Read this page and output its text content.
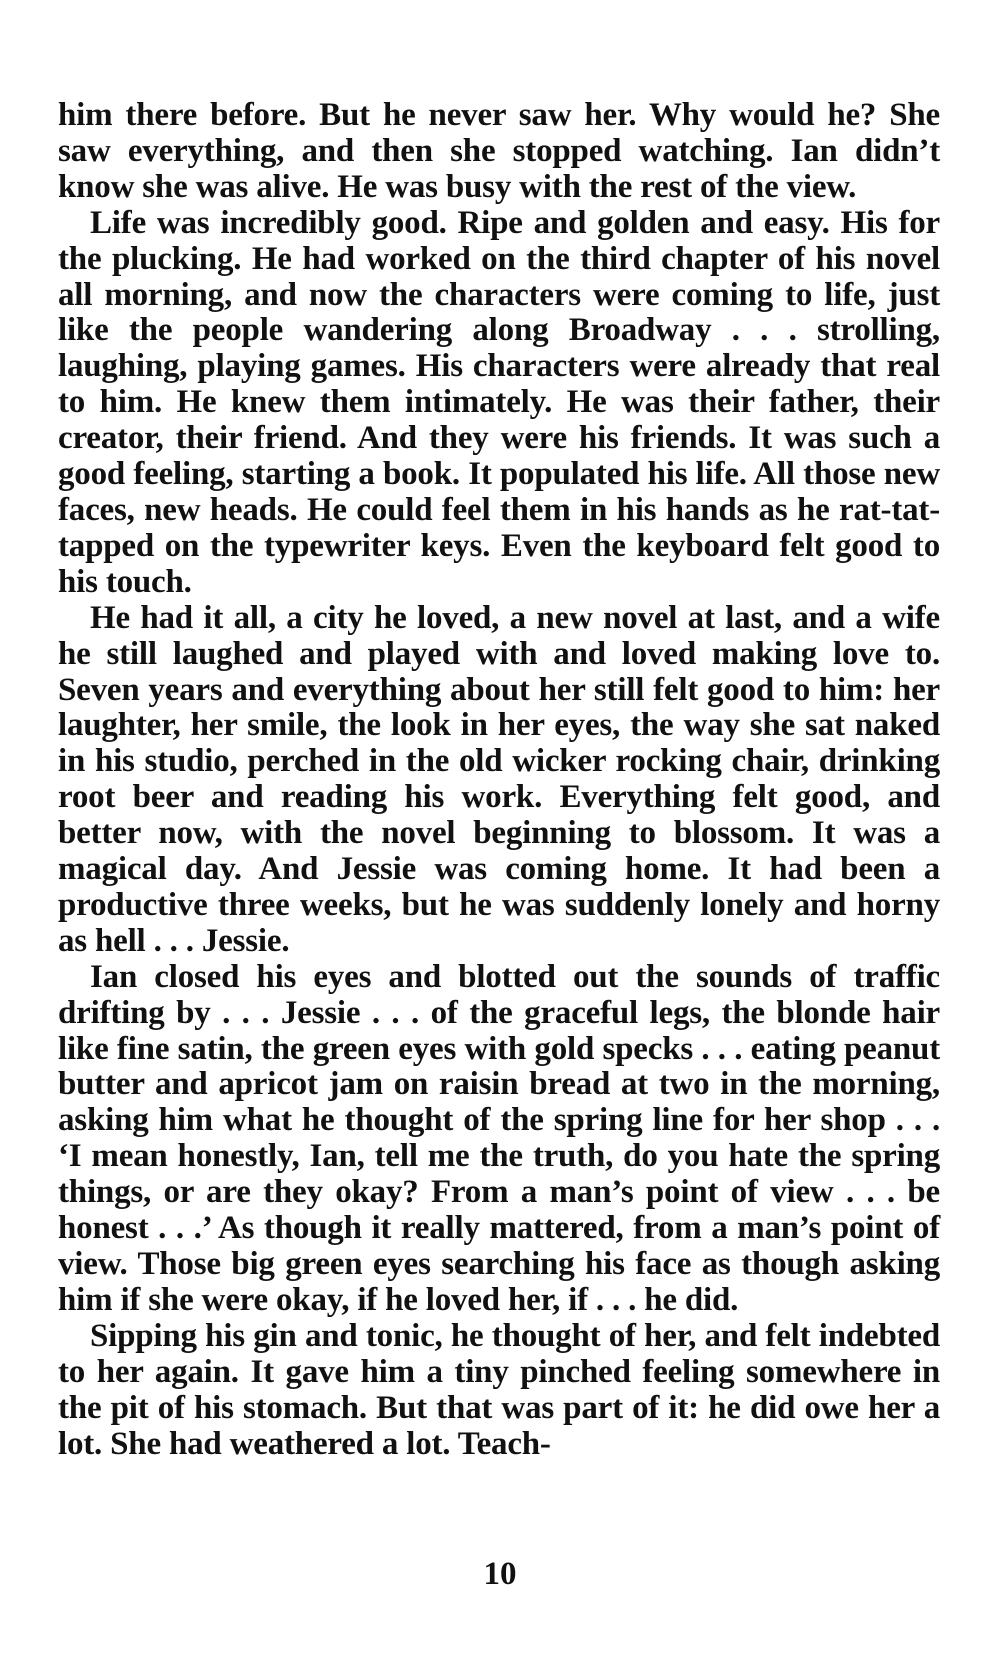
him there before. But he never saw her. Why would he? She saw everything, and then she stopped watching. Ian didn’t know she was alive. He was busy with the rest of the view.

Life was incredibly good. Ripe and golden and easy. His for the plucking. He had worked on the third chapter of his novel all morning, and now the characters were coming to life, just like the people wandering along Broadway . . . strolling, laughing, playing games. His characters were already that real to him. He knew them intimately. He was their father, their creator, their friend. And they were his friends. It was such a good feeling, starting a book. It populated his life. All those new faces, new heads. He could feel them in his hands as he rat-tat-tapped on the typewriter keys. Even the keyboard felt good to his touch.

He had it all, a city he loved, a new novel at last, and a wife he still laughed and played with and loved making love to. Seven years and everything about her still felt good to him: her laughter, her smile, the look in her eyes, the way she sat naked in his studio, perched in the old wicker rocking chair, drinking root beer and reading his work. Everything felt good, and better now, with the novel beginning to blossom. It was a magical day. And Jessie was coming home. It had been a productive three weeks, but he was suddenly lonely and horny as hell . . . Jessie.

Ian closed his eyes and blotted out the sounds of traffic drifting by . . . Jessie . . . of the graceful legs, the blonde hair like fine satin, the green eyes with gold specks . . . eating peanut butter and apricot jam on raisin bread at two in the morning, asking him what he thought of the spring line for her shop . . . ‘I mean honestly, Ian, tell me the truth, do you hate the spring things, or are they okay? From a man’s point of view . . . be honest . . .’ As though it really mattered, from a man’s point of view. Those big green eyes searching his face as though asking him if she were okay, if he loved her, if . . . he did.

Sipping his gin and tonic, he thought of her, and felt indebted to her again. It gave him a tiny pinched feeling somewhere in the pit of his stomach. But that was part of it: he did owe her a lot. She had weathered a lot. Teach-

10
